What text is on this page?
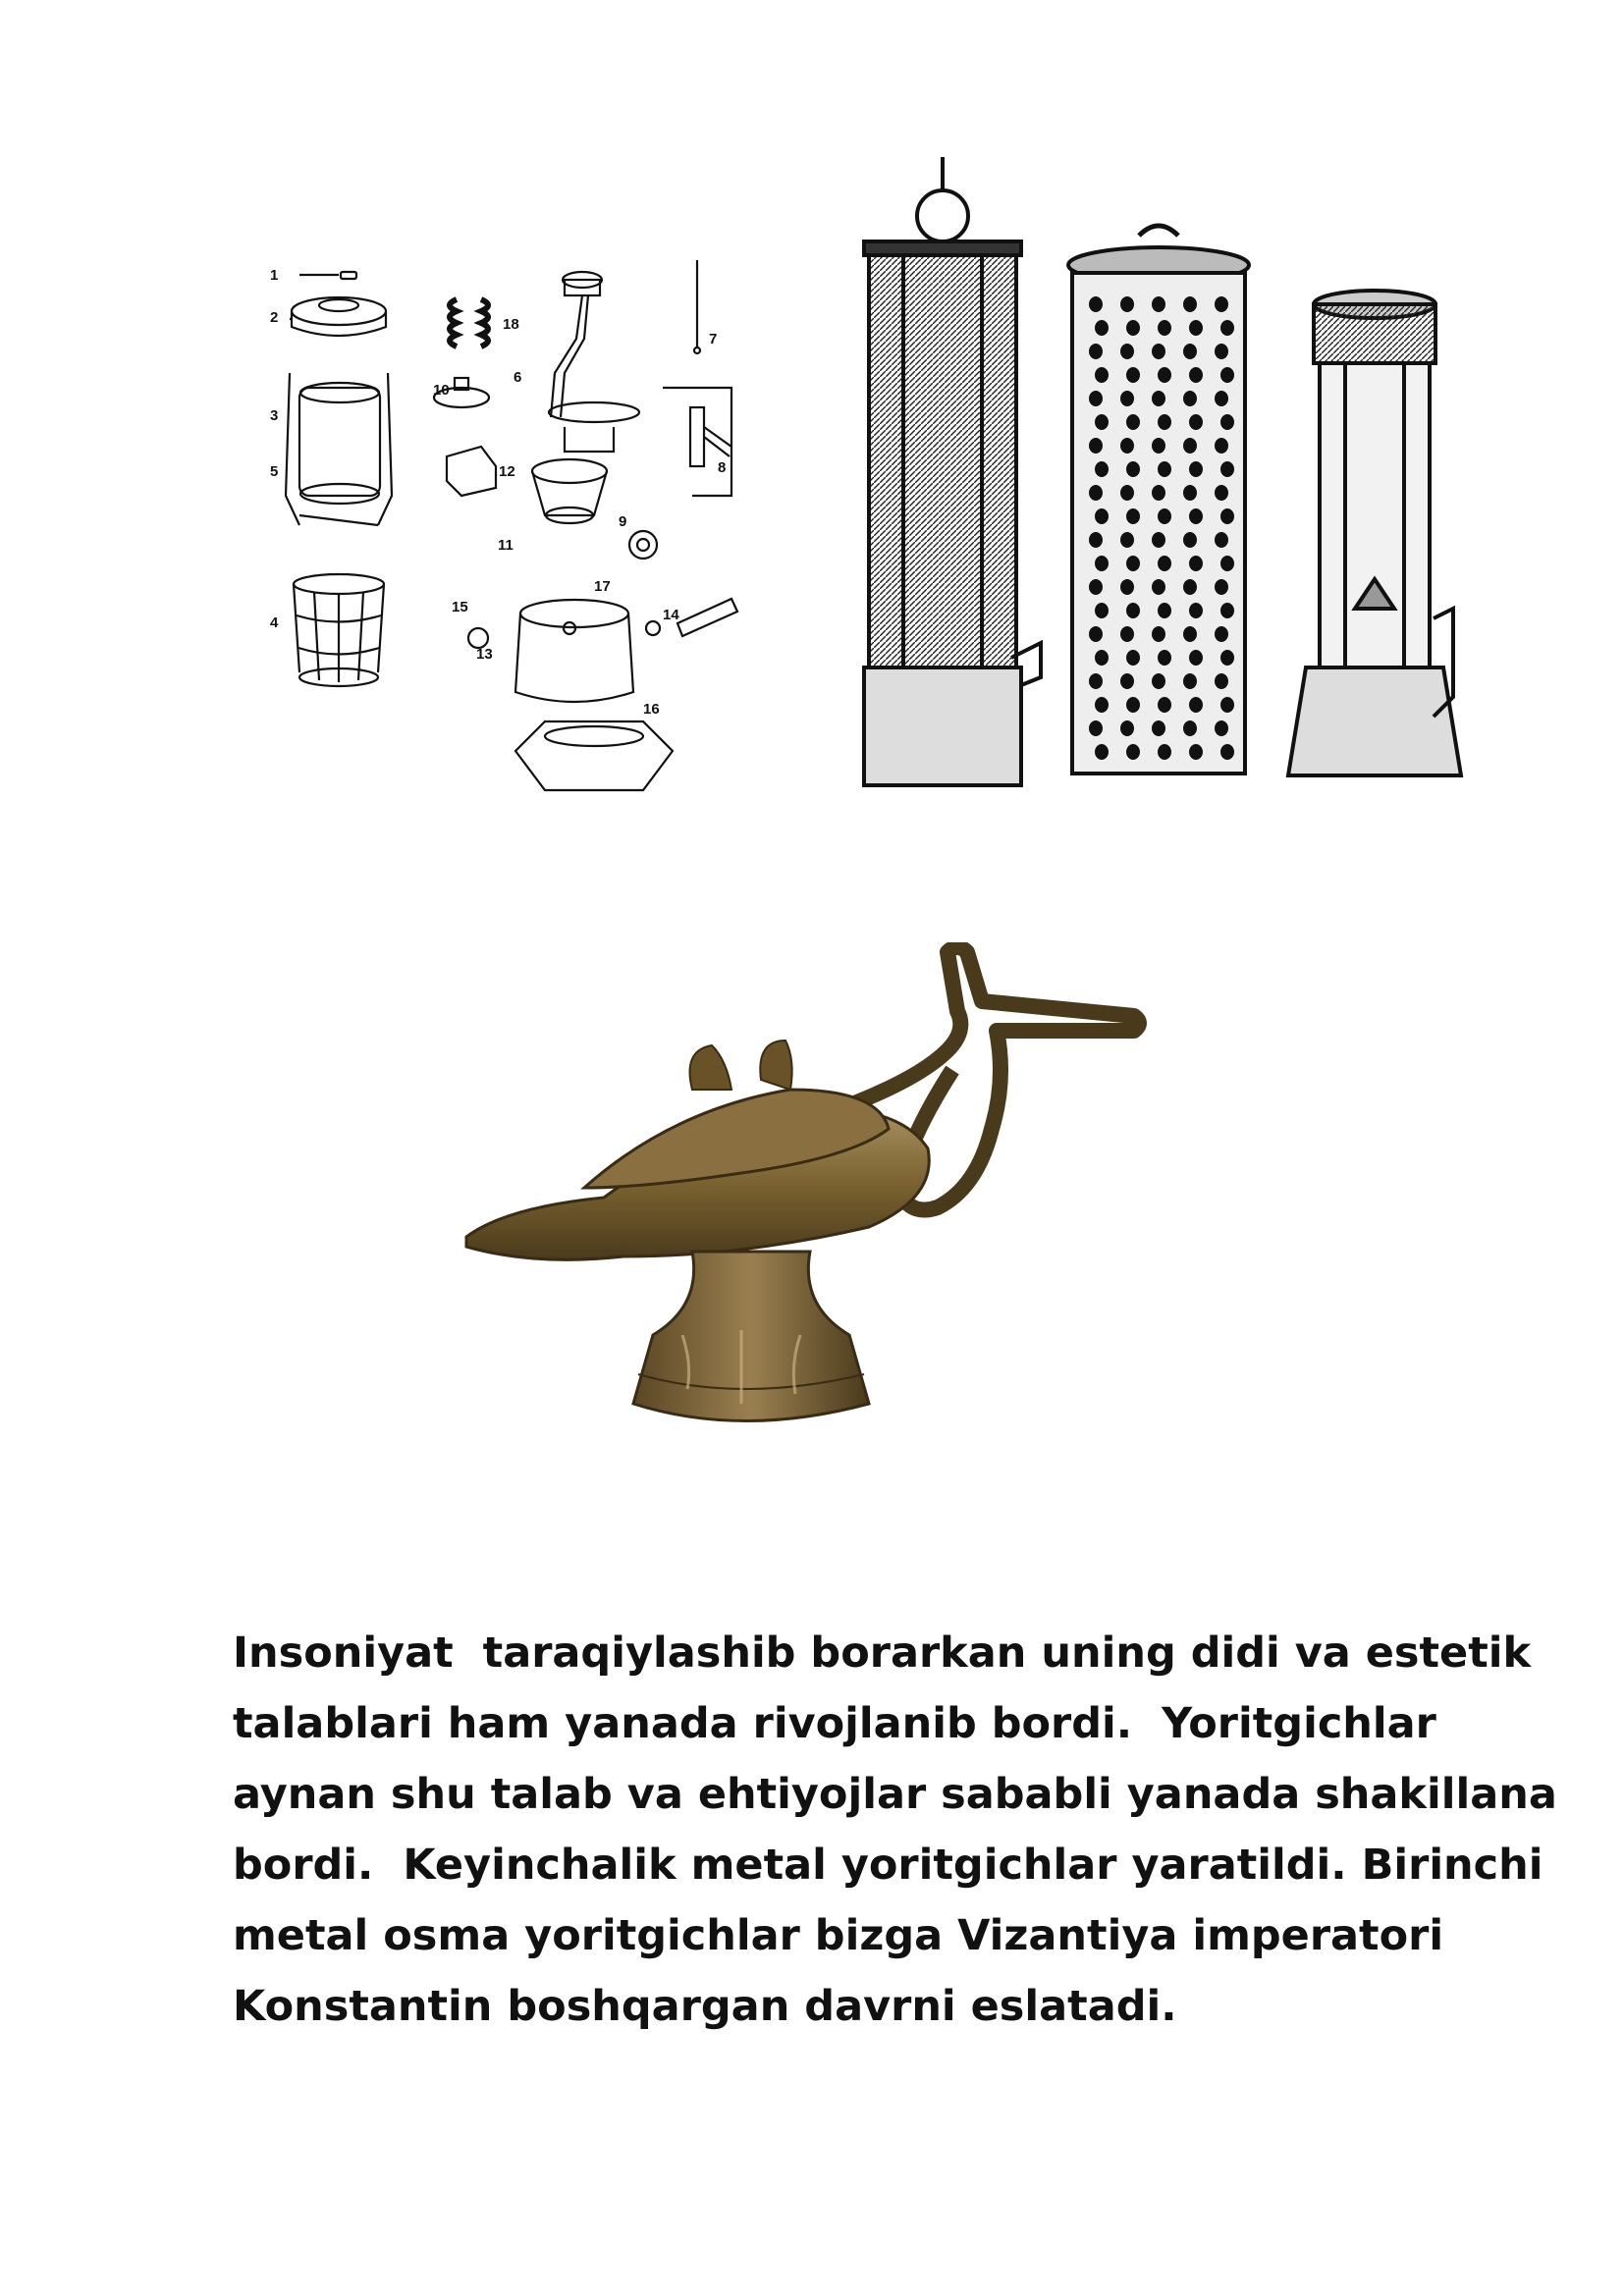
1
2
3
5
4
18
10
6
12
11
9
15
17
13
7
8
14
16
Insoniyat  taraqiylashib borarkan uning didi va estetik
talablari ham yanada rivojlanib bordi.  Yoritgichlar
aynan shu talab va ehtiyojlar sababli yanada shakillana
bordi.  Keyinchalik metal yoritgichlar yaratildi. Birinchi
metal osma yoritgichlar bizga Vizantiya imperatori
Konstantin boshqargan davrni eslatadi.
